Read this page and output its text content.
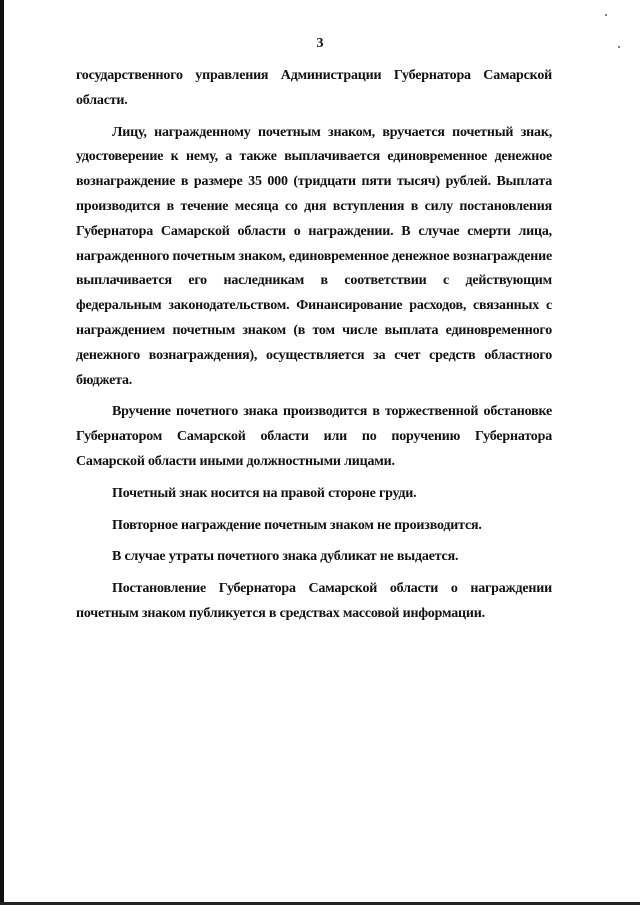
3

государственного управления Администрации Губернатора Самарской области.

Лицу, награжденному почетным знаком, вручается почетный знак, удостоверение к нему, а также выплачивается единовременное денежное вознаграждение в размере 35 000 (тридцати пяти тысяч) рублей. Выплата производится в течение месяца со дня вступления в силу постановления Губернатора Самарской области о награждении. В случае смерти лица, награжденного почетным знаком, единовременное денежное вознаграждение выплачивается его наследникам в соответствии с действующим федеральным законодательством. Финансирование расходов, связанных с награждением почетным знаком (в том числе выплата единовременного денежного вознаграждения), осуществляется за счет средств областного бюджета.

Вручение почетного знака производится в торжественной обстановке Губернатором Самарской области или по поручению Губернатора Самарской области иными должностными лицами.

Почетный знак носится на правой стороне груди.

Повторное награждение почетным знаком не производится.

В случае утраты почетного знака дубликат не выдается.

Постановление Губернатора Самарской области о награждении почетным знаком публикуется в средствах массовой информации.
